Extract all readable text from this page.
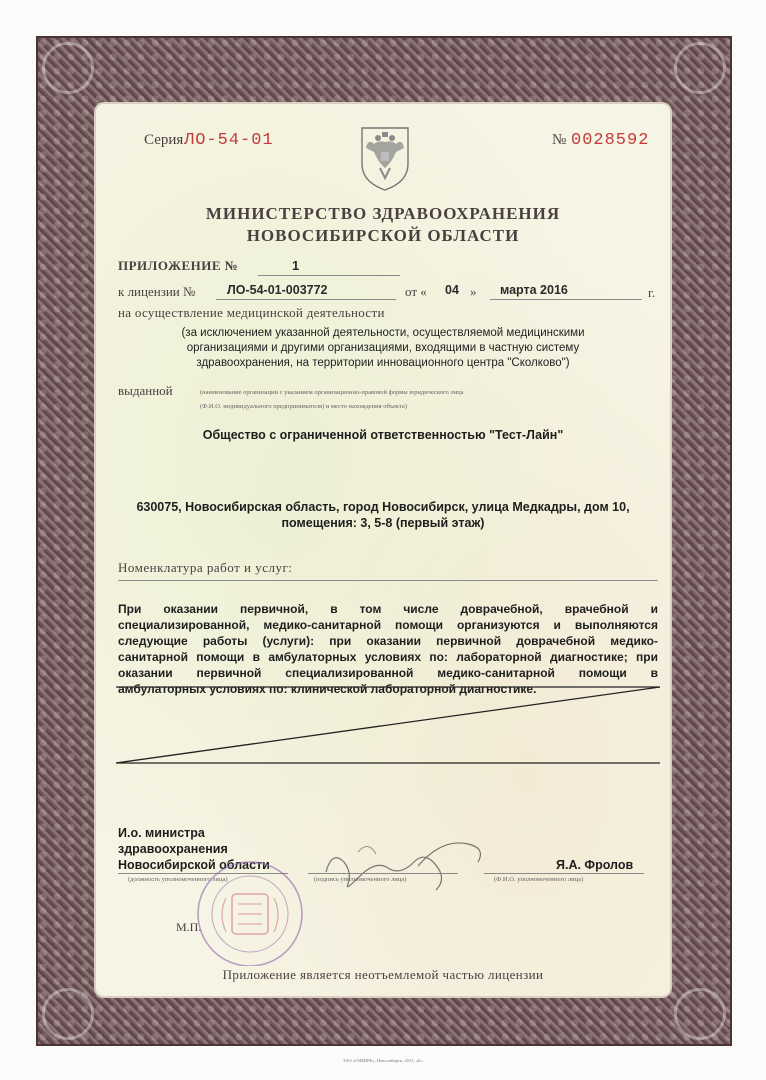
Серия ЛО-54-01	№ 0028592
МИНИСТЕРСТВО ЗДРАВООХРАНЕНИЯ
НОВОСИБИРСКОЙ ОБЛАСТИ
ПРИЛОЖЕНИЕ №	1
к лицензии №	ЛО-54-01-003772	от « 04 » марта 2016	г.
на осуществление медицинской деятельности
(за исключением указанной деятельности, осуществляемой медицинскими
организациями и другими организациями, входящими в частную систему
здравоохранения, на территории инновационного центра "Сколково")
выданной	(наименование организации с указанием организационно-правовой формы юридического лица
(Ф.И.О. индивидуального предпринимателя) и место нахождения объекта)
Общество с ограниченной ответственностью "Тест-Лайн"
630075, Новосибирская область, город Новосибирск, улица Медкадры, дом 10,
помещения: 3, 5-8 (первый этаж)
Номенклатура работ и услуг:
При оказании первичной, в том числе доврачебной, врачебной и
специализированной, медико-санитарной помощи организуются и выполняются
следующие работы (услуги): при оказании первичной доврачебной медико-
санитарной помощи в амбулаторных условиях по: лабораторной диагностике; при
оказании первичной специализированной медико-санитарной помощи в
амбулаторных условиях по: клинической лабораторной диагностике.
И.о. министра
здравоохранения
Новосибирской области	Я.А. Фролов
(должность уполномоченного лица)	(подпись уполномоченного лица)	(Ф.И.О. уполномоченного лица)
М.П.
Приложение является неотъемлемой частью лицензии
ЗАО «СИБИРЬ», Новосибирск, 2015, «Б»
